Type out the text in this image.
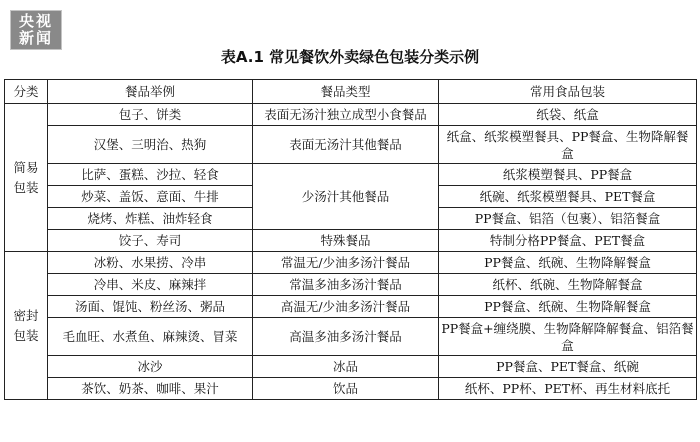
央视
新闻
表A.1 常见餐饮外卖绿色包装分类示例
分类	餐品举例	餐品类型	常用食品包装
简易
包装	包子、饼类	表面无汤汁独立成型小食餐品	纸袋、纸盒
	汉堡、三明治、热狗	表面无汤汁其他餐品	纸盒、纸浆模塑餐具、PP餐盒、生物降解餐盒
	比萨、蛋糕、沙拉、轻食	少汤汁其他餐品	纸浆模塑餐具、PP餐盒
	炒菜、盖饭、意面、牛排		纸碗、纸浆模塑餐具、PET餐盒
	烧烤、炸糕、油炸轻食		PP餐盒、铝箔（包裹）、铝箔餐盒
	饺子、寿司	特殊餐品	特制分格PP餐盒、PET餐盒
密封
包装	冰粉、水果捞、冷串	常温无/少油多汤汁餐品	PP餐盒、纸碗、生物降解餐盒
	冷串、米皮、麻辣拌	常温多油多汤汁餐品	纸杯、纸碗、生物降解餐盒
	汤面、馄饨、粉丝汤、粥品	高温无/少油多汤汁餐品	PP餐盒、纸碗、生物降解餐盒
	毛血旺、水煮鱼、麻辣烫、冒菜	高温多油多汤汁餐品	PP餐盒+缠绕膜、生物降解降解餐盒、铝箔餐盒
	冰沙	冰品	PP餐盒、PET餐盒、纸碗
	茶饮、奶茶、咖啡、果汁	饮品	纸杯、PP杯、PET杯、再生材料底托
